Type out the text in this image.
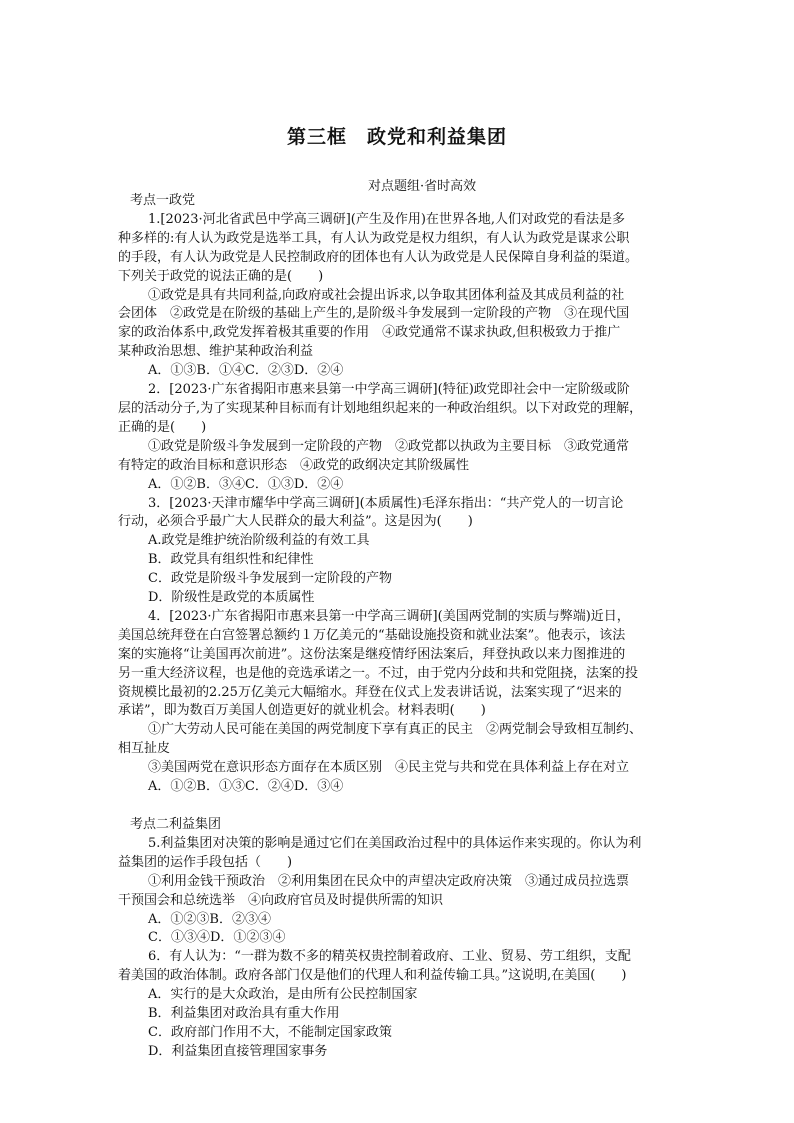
第三框　政党和利益集团
对点题组·省时高效
考点一政党
1.[2023·河北省武邑中学高三调研](产生及作用)在世界各地,人们对政党的看法是多
种多样的:有人认为政党是选举工具，有人认为政党是权力组织，有人认为政党是谋求公职
的手段，有人认为政党是人民控制政府的团体也有人认为政党是人民保障自身利益的渠道。
下列关于政党的说法正确的是(　　)
①政党是具有共同利益,向政府或社会提出诉求,以争取其团体利益及其成员利益的社
会团体　②政党是在阶级的基础上产生的,是阶级斗争发展到一定阶段的产物　③在现代国
家的政治体系中,政党发挥着极其重要的作用　④政党通常不谋求执政,但积极致力于推广
某种政治思想、维护某种政治利益
A．①③B．①④C．②③D．②④
2．[2023·广东省揭阳市惠来县第一中学高三调研](特征)政党即社会中一定阶级或阶
层的活动分子,为了实现某种目标而有计划地组织起来的一种政治组织。以下对政党的理解，
正确的是(　　)
①政党是阶级斗争发展到一定阶段的产物　②政党都以执政为主要目标　③政党通常
有特定的政治目标和意识形态　④政党的政纲决定其阶级属性
A．①②B．③④C．①③D．②④
3．[2023·天津市耀华中学高三调研](本质属性)毛泽东指出：“共产党人的一切言论
行动，必须合乎最广大人民群众的最大利益”。这是因为(　　)
A.政党是维护统治阶级利益的有效工具
B．政党具有组织性和纪律性
C．政党是阶级斗争发展到一定阶段的产物
D．阶级性是政党的本质属性
4．[2023·广东省揭阳市惠来县第一中学高三调研](美国两党制的实质与弊端)近日，
美国总统拜登在白宫签署总额约１万亿美元的“基础设施投资和就业法案”。他表示，该法
案的实施将“让美国再次前进”。这份法案是继疫情纾困法案后，拜登执政以来力图推进的
另一重大经济议程，也是他的竞选承诺之一。不过，由于党内分歧和共和党阻挠，法案的投
资规模比最初的2.25万亿美元大幅缩水。拜登在仪式上发表讲话说，法案实现了“迟来的
承诺”，即为数百万美国人创造更好的就业机会。材料表明(　　)
①广大劳动人民可能在美国的两党制度下享有真正的民主　②两党制会导致相互制约、
相互扯皮
③美国两党在意识形态方面存在本质区别　④民主党与共和党在具体利益上存在对立
A．①②B．①③C．②④D．③④
考点二利益集团
5.利益集团对决策的影响是通过它们在美国政治过程中的具体运作来实现的。你认为利
益集团的运作手段包括（　　)
①利用金钱干预政治　②利用集团在民众中的声望决定政府决策　③通过成员拉选票
干预国会和总统选举　④向政府官员及时提供所需的知识
A．①②③B．②③④
C．①③④D．①②③④
6．有人认为：“一群为数不多的精英权贵控制着政府、工业、贸易、劳工组织，支配
着美国的政治体制。政府各部门仅是他们的代理人和利益传输工具。”这说明,在美国(　　)
A．实行的是大众政治，是由所有公民控制国家
B．利益集团对政治具有重大作用
C．政府部门作用不大，不能制定国家政策
D．利益集团直接管理国家事务
